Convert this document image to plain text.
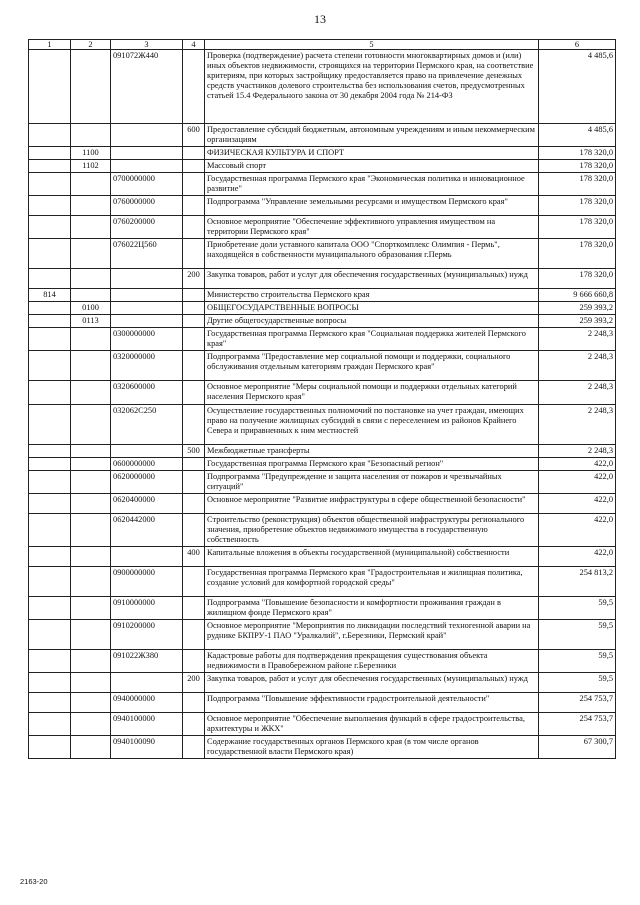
13
1	2	3	4	5	6
		091072Ж440		Проверка (подтверждение) расчета степени готовности многоквартирных домов и (или) иных объектов недвижимости, строящихся на территории Пермского края, на соответствие критериям, при которых застройщику предоставляется право на привлечение денежных средств участников долевого строительства без использования счетов, предусмотренных статьей 15.4 Федерального закона от 30 декабря 2004 года № 214-ФЗ	4 485,6
			600	Предоставление субсидий бюджетным, автономным учреждениям и иным некоммерческим организациям	4 485,6
	1100			ФИЗИЧЕСКАЯ КУЛЬТУРА И СПОРТ	178 320,0
	1102			Массовый спорт	178 320,0
		0700000000		Государственная программа Пермского края "Экономическая политика и инновационное развитие"	178 320,0
		0760000000		Подпрограмма "Управление земельными ресурсами и имуществом Пермского края"	178 320,0
		0760200000		Основное мероприятие "Обеспечение эффективного управления имуществом на территории Пермского края"	178 320,0
		076022Ц560		Приобретение доли уставного капитала ООО "Спорткомплекс Олимпия - Пермь", находящейся в собственности муниципального образования г.Пермь	178 320,0
			200	Закупка товаров, работ и услуг для обеспечения государственных (муниципальных) нужд	178 320,0
814				Министерство строительства Пермского края	9 666 660,8
	0100			ОБЩЕГОСУДАРСТВЕННЫЕ ВОПРОСЫ	259 393,2
	0113			Другие общегосударственные вопросы	259 393,2
		0300000000		Государственная программа Пермского края "Социальная поддержка жителей Пермского края"	2 248,3
		0320000000		Подпрограмма "Предоставление мер социальной помощи и поддержки, социального обслуживания отдельным категориям граждан Пермского края"	2 248,3
		0320600000		Основное мероприятие "Меры социальной помощи и поддержки отдельных категорий населения Пермского края"	2 248,3
		032062С250		Осуществление государственных полномочий по постановке на учет граждан, имеющих право на получение жилищных субсидий в связи с переселением из районов Крайнего Севера и приравненных к ним местностей	2 248,3
			500	Межбюджетные трансферты	2 248,3
		0600000000		Государственная программа Пермского края "Безопасный регион"	422,0
		0620000000		Подпрограмма "Предупреждение и защита населения от пожаров и чрезвычайных ситуаций"	422,0
		0620400000		Основное мероприятие "Развитие инфраструктуры в сфере общественной безопасности"	422,0
		0620442000		Строительство (реконструкция) объектов общественной инфраструктуры регионального значения, приобретение объектов недвижимого имущества в государственную собственность	422,0
			400	Капитальные вложения в объекты государственной (муниципальной) собственности	422,0
		0900000000		Государственная программа Пермского края "Градостроительная и жилищная политика, создание условий для комфортной городской среды"	254 813,2
		0910000000		Подпрограмма "Повышение безопасности и комфортности проживания граждан в жилищном фонде Пермского края"	59,5
		0910200000		Основное мероприятие "Мероприятия по ликвидации последствий техногенной аварии на руднике БКПРУ-1 ПАО "Уралкалий", г.Березники, Пермский край"	59,5
		091022Ж380		Кадастровые работы для подтверждения прекращения существования объекта недвижимости в Правобережном районе г.Березники	59,5
			200	Закупка товаров, работ и услуг для обеспечения государственных (муниципальных) нужд	59,5
		0940000000		Подпрограмма "Повышение эффективности градостроительной деятельности"	254 753,7
		0940100000		Основное мероприятие "Обеспечение выполнения функций в сфере градостроительства, архитектуры и ЖКХ"	254 753,7
		0940100090		Содержание государственных органов Пермского края (в том числе органов государственной власти Пермского края)	67 300,7
2163-20
